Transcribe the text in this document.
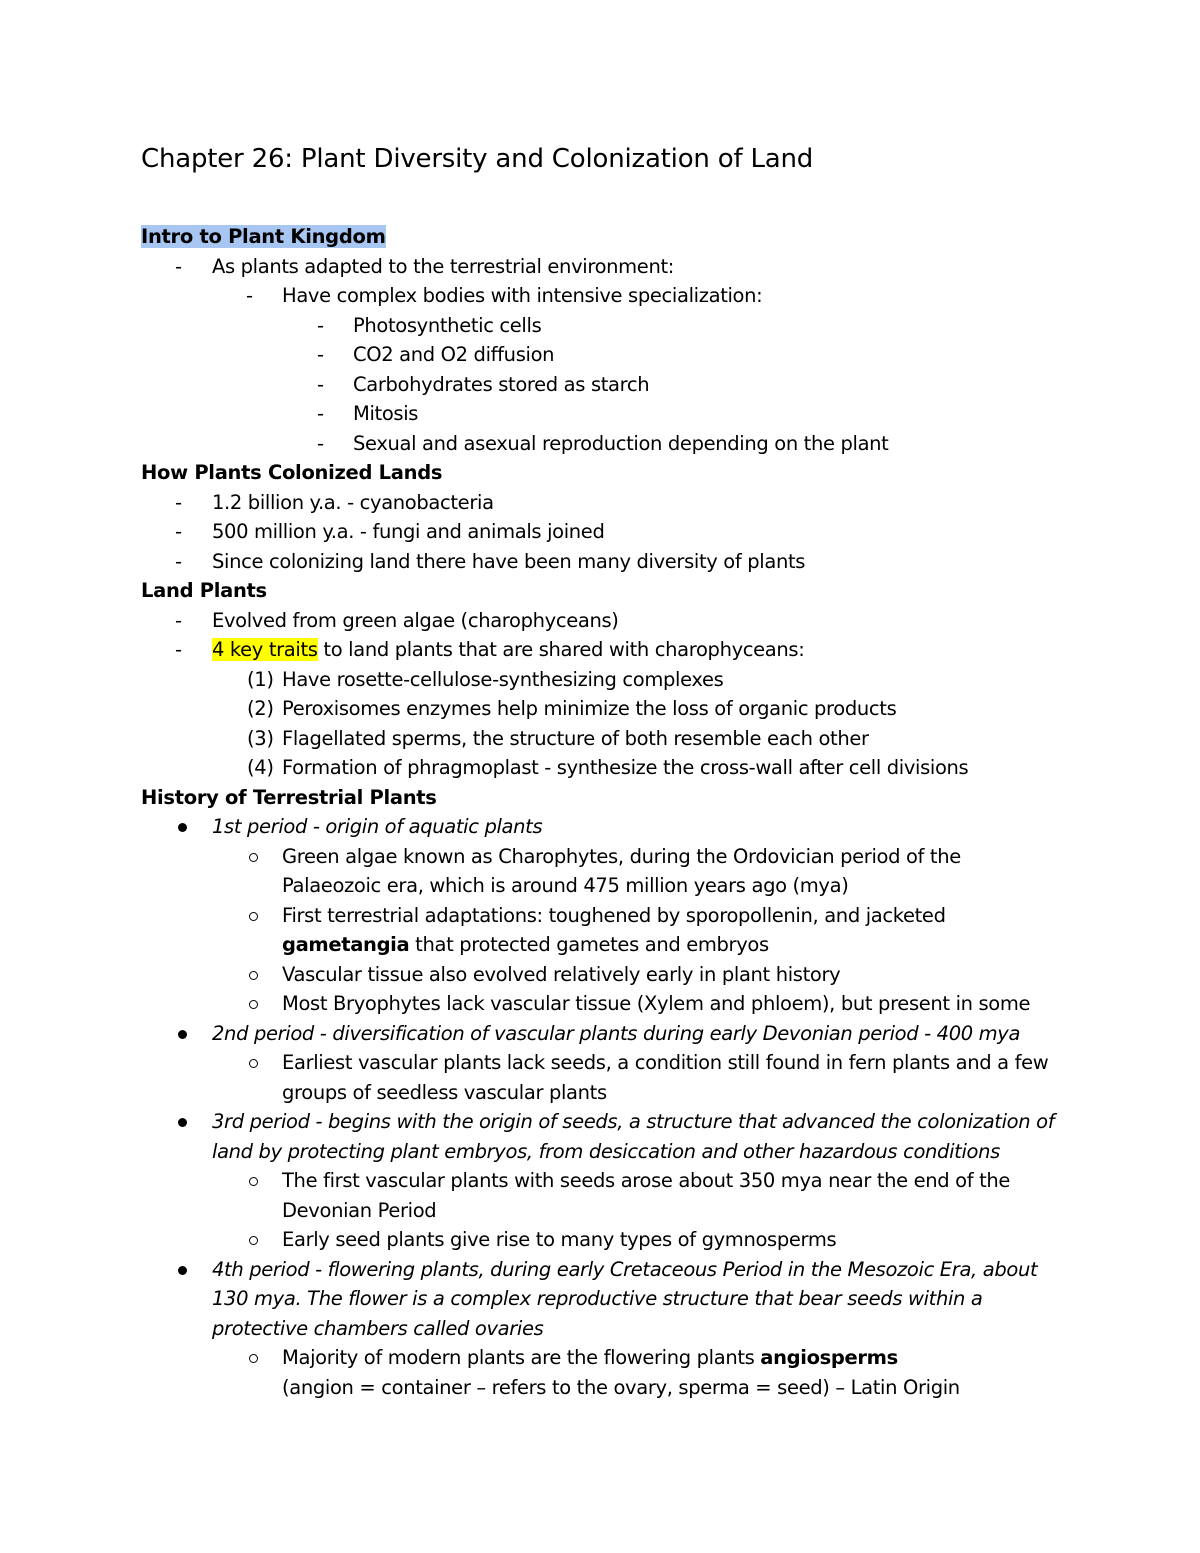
Chapter 26: Plant Diversity and Colonization of Land
Intro to Plant Kingdom
-	As plants adapted to the terrestrial environment:
-	Have complex bodies with intensive specialization:
-	Photosynthetic cells
-	CO2 and O2 diffusion
-	Carbohydrates stored as starch
-	Mitosis
-	Sexual and asexual reproduction depending on the plant
How Plants Colonized Lands
-	1.2 billion y.a. - cyanobacteria
-	500 million y.a. - fungi and animals joined
-	Since colonizing land there have been many diversity of plants
Land Plants
-	Evolved from green algae (charophyceans)
-	4 key traits to land plants that are shared with charophyceans:
(1) Have rosette-cellulose-synthesizing complexes
(2) Peroxisomes enzymes help minimize the loss of organic products
(3) Flagellated sperms, the structure of both resemble each other
(4) Formation of phragmoplast - synthesize the cross-wall after cell divisions
History of Terrestrial Plants
1st period - origin of aquatic plants
Green algae known as Charophytes, during the Ordovician period of the
Palaeozoic era, which is around 475 million years ago (mya)
First terrestrial adaptations: toughened by sporopollenin, and jacketed
gametangia that protected gametes and embryos
Vascular tissue also evolved relatively early in plant history
Most Bryophytes lack vascular tissue (Xylem and phloem), but present in some
2nd period - diversification of vascular plants during early Devonian period - 400 mya
Earliest vascular plants lack seeds, a condition still found in fern plants and a few
groups of seedless vascular plants
3rd period - begins with the origin of seeds, a structure that advanced the colonization of
land by protecting plant embryos, from desiccation and other hazardous conditions
The first vascular plants with seeds arose about 350 mya near the end of the
Devonian Period
Early seed plants give rise to many types of gymnosperms
4th period - flowering plants, during early Cretaceous Period in the Mesozoic Era, about
130 mya. The flower is a complex reproductive structure that bear seeds within a
protective chambers called ovaries
Majority of modern plants are the flowering plants angiosperms
(angion = container – refers to the ovary, sperma = seed) – Latin Origin
